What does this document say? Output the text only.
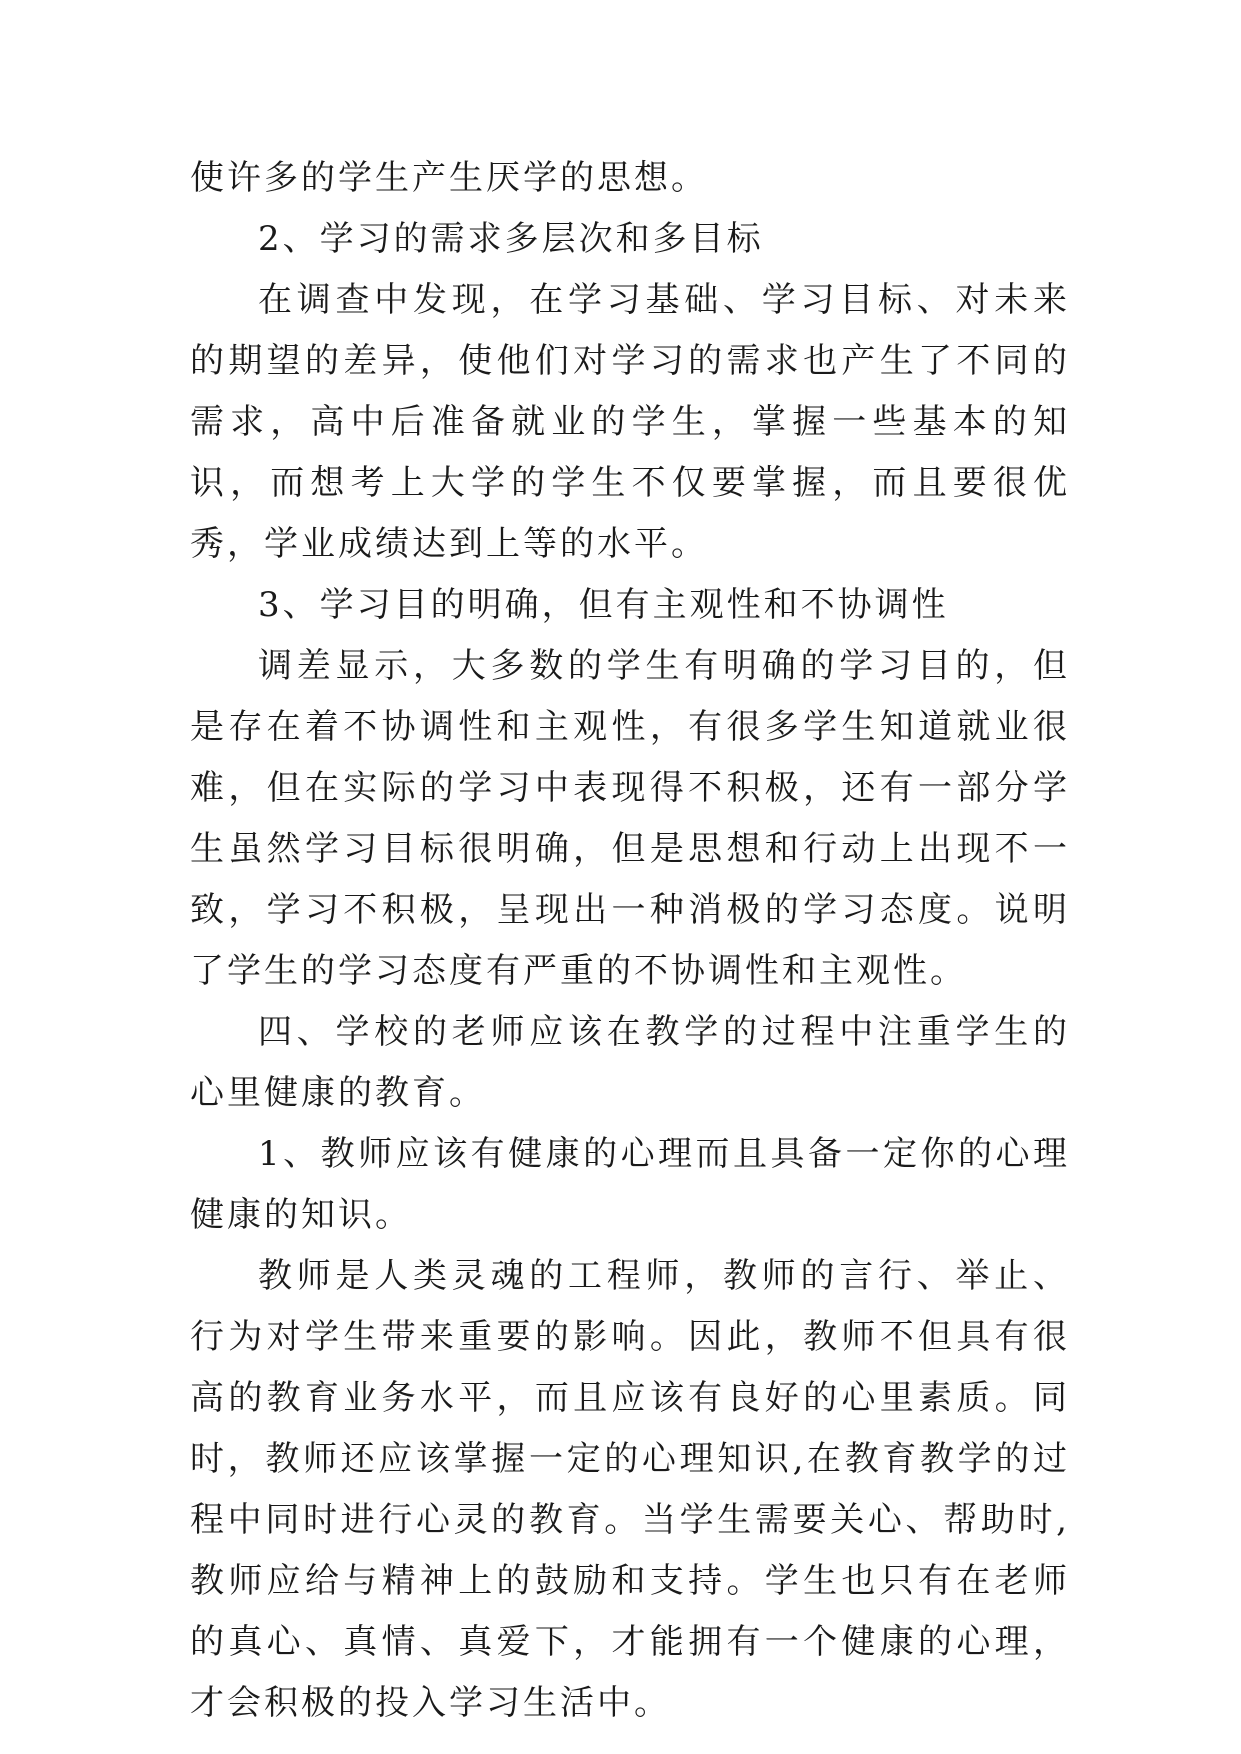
使许多的学生产生厌学的思想。

2、学习的需求多层次和多目标

在调查中发现，在学习基础、学习目标、对未来的期望的差异，使他们对学习的需求也产生了不同的需求，高中后准备就业的学生，掌握一些基本的知识，而想考上大学的学生不仅要掌握，而且要很优秀，学业成绩达到上等的水平。

3、学习目的明确，但有主观性和不协调性

调差显示，大多数的学生有明确的学习目的，但是存在着不协调性和主观性，有很多学生知道就业很难，但在实际的学习中表现得不积极，还有一部分学生虽然学习目标很明确，但是思想和行动上出现不一致，学习不积极，呈现出一种消极的学习态度。说明了学生的学习态度有严重的不协调性和主观性。

四、学校的老师应该在教学的过程中注重学生的心里健康的教育。

1、教师应该有健康的心理而且具备一定你的心理健康的知识。

教师是人类灵魂的工程师，教师的言行、举止、行为对学生带来重要的影响。因此，教师不但具有很高的教育业务水平，而且应该有良好的心里素质。同时，教师还应该掌握一定的心理知识,在教育教学的过程中同时进行心灵的教育。当学生需要关心、帮助时,教师应给与精神上的鼓励和支持。学生也只有在老师的真心、真情、真爱下，才能拥有一个健康的心理，才会积极的投入学习生活中。
